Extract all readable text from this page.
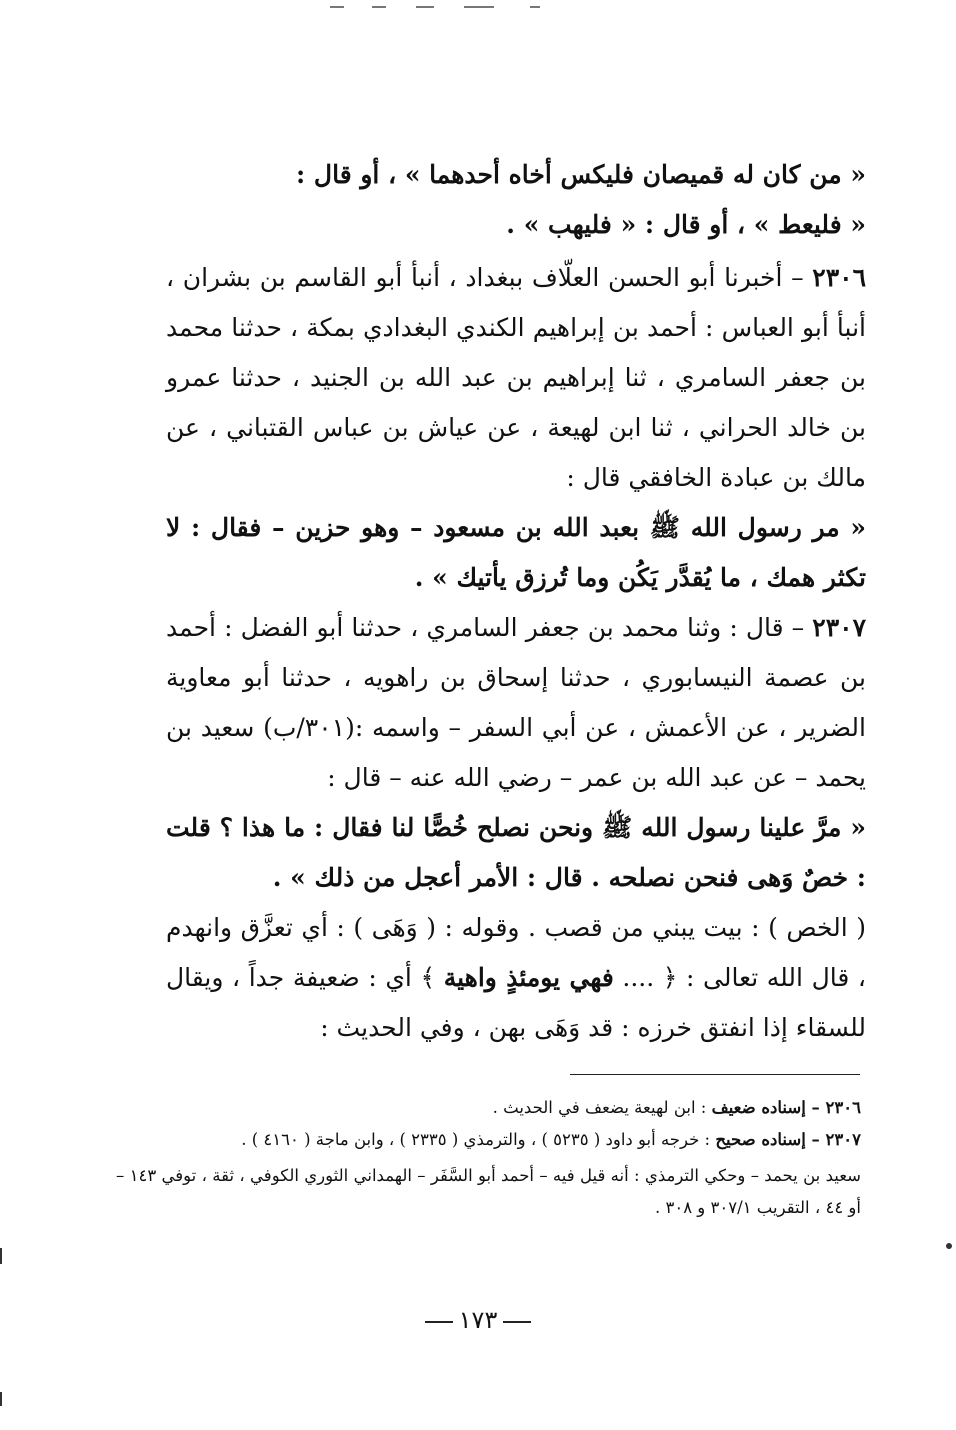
« من كان له قميصان فليكس أخاه أحدهما » ، أو قال :

« فليعط » ، أو قال : « فليهب » .

٢٣٠٦ – أخبرنا أبو الحسن العلّاف ببغداد ، أنبأ أبو القاسم بن بشران ، أنبأ أبو العباس : أحمد بن إبراهيم الكندي البغدادي بمكة ، حدثنا محمد بن جعفر السامري ، ثنا إبراهيم بن عبد الله بن الجنيد ، حدثنا عمرو بن خالد الحراني ، ثنا ابن لهيعة ، عن عياش بن عباس القتباني ، عن مالك بن عبادة الخافقي قال :

« مر رسول الله ﷺ بعبد الله بن مسعود – وهو حزين – فقال : لا تكثر همك ، ما يُقدَّر يَكُن وما تُرزق يأتيك » .

٢٣٠٧ – قال : وثنا محمد بن جعفر السامري ، حدثنا أبو الفضل : أحمد بن عصمة النيسابوري ، حدثنا إسحاق بن راهويه ، حدثنا أبو معاوية الضرير ، عن الأعمش ، عن أبي السفر – واسمه :(٣٠١/ب) سعيد بن يحمد – عن عبد الله بن عمر – رضي الله عنه – قال :

« مرَّ علينا رسول الله ﷺ ونحن نصلح خُصًّا لنا فقال : ما هذا ؟ قلت : خصٌ وَهى فنحن نصلحه . قال : الأمر أعجل من ذلك » .

( الخص ) : بيت يبني من قصب . وقوله : ( وَهَى ) : أي تعزَّق وانهدم ، قال الله تعالى : ﴿ .... فهي يومئذٍ واهية ﴾ أي : ضعيفة جداً ، ويقال للسقاء إذا انفتق خرزه : قد وَهَى بهن ، وفي الحديث :

٢٣٠٦ – إسناده ضعيف : ابن لهيعة يضعف في الحديث .

٢٣٠٧ – إسناده صحيح : خرجه أبو داود ( ٥٢٣٥ ) ، والترمذي ( ٢٣٣٥ ) ، وابن ماجة ( ٤١٦٠ ) .

سعيد بن يحمد – وحكي الترمذي : أنه قيل فيه – أحمد أبو السَّفَر – الهمداني الثوري الكوفي ، ثقة ، توفي ١٤٣ – أو ٤٤ ، التقريب ٣٠٧/١ و ٣٠٨ .

١٧٣
